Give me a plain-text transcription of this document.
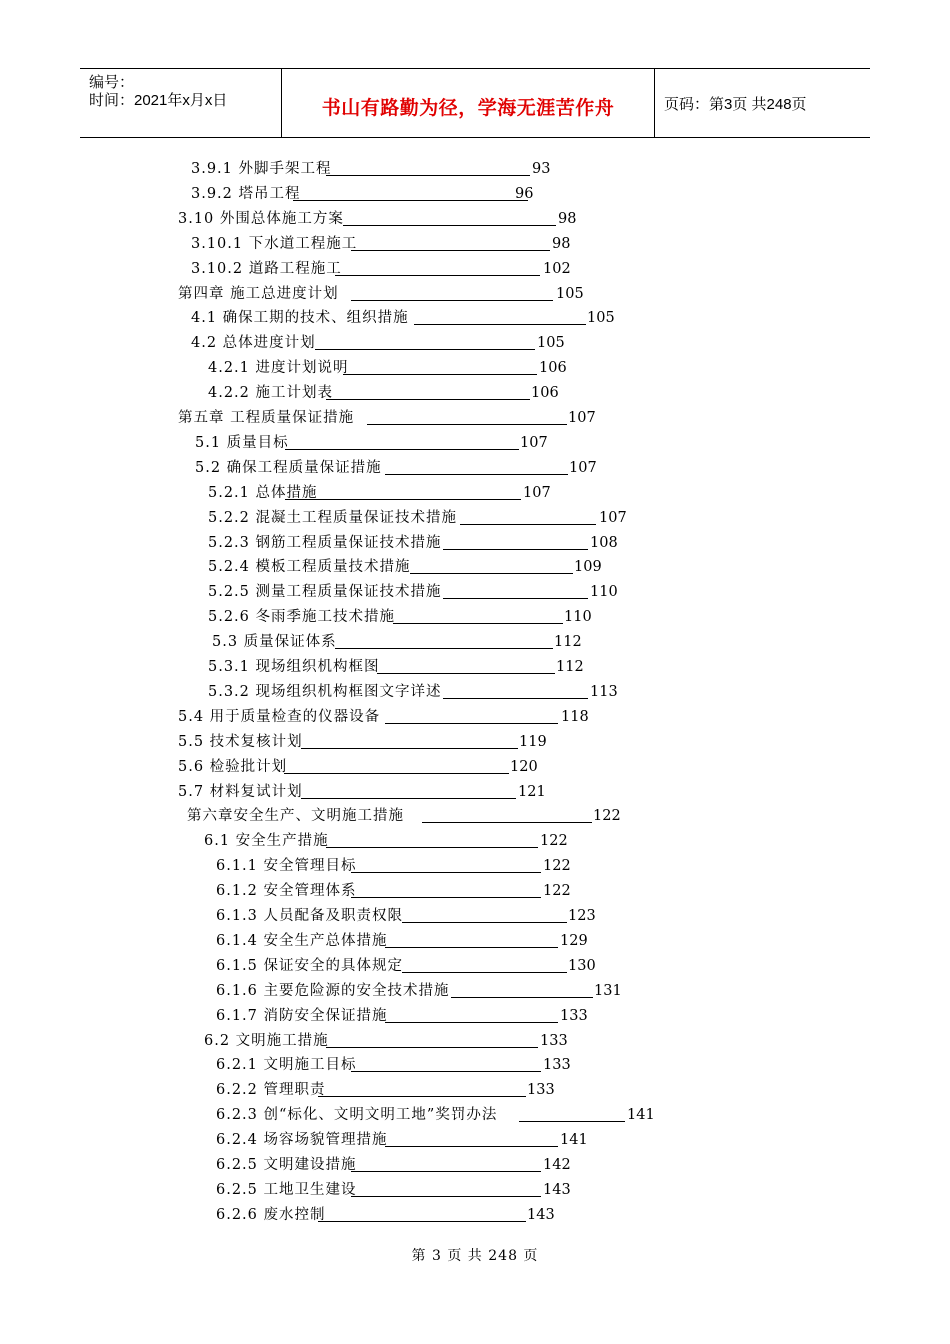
编号：
时间：2021年x月x日	书山有路勤为径，学海无涯苦作舟	页码：第3页 共248页
3.9.1 外脚手架工程	93
3.9.2 塔吊工程	96
3.10 外围总体施工方案	98
3.10.1 下水道工程施工	98
3.10.2 道路工程施工	102
第四章 施工总进度计划	105
4.1 确保工期的技术、组织措施	105
4.2 总体进度计划	105
4.2.1 进度计划说明	106
4.2.2 施工计划表	106
第五章 工程质量保证措施	107
5.1 质量目标	107
5.2 确保工程质量保证措施	107
5.2.1 总体措施	107
5.2.2 混凝土工程质量保证技术措施	107
5.2.3 钢筋工程质量保证技术措施	108
5.2.4 模板工程质量技术措施	109
5.2.5 测量工程质量保证技术措施	110
5.2.6 冬雨季施工技术措施	110
5.3 质量保证体系	112
5.3.1 现场组织机构框图	112
5.3.2 现场组织机构框图文字详述	113
5.4 用于质量检查的仪器设备	118
5.5 技术复核计划	119
5.6 检验批计划	120
5.7 材料复试计划	121
第六章安全生产、文明施工措施	122
6.1 安全生产措施	122
6.1.1 安全管理目标	122
6.1.2 安全管理体系	122
6.1.3 人员配备及职责权限	123
6.1.4 安全生产总体措施	129
6.1.5 保证安全的具体规定	130
6.1.6 主要危险源的安全技术措施	131
6.1.7 消防安全保证措施	133
6.2 文明施工措施	133
6.2.1 文明施工目标	133
6.2.2 管理职责	133
6.2.3 创“标化、文明文明工地”奖罚办法	141
6.2.4 场容场貌管理措施	141
6.2.5 文明建设措施	142
6.2.5 工地卫生建设	143
6.2.6 废水控制	143
第 3 页 共 248 页
